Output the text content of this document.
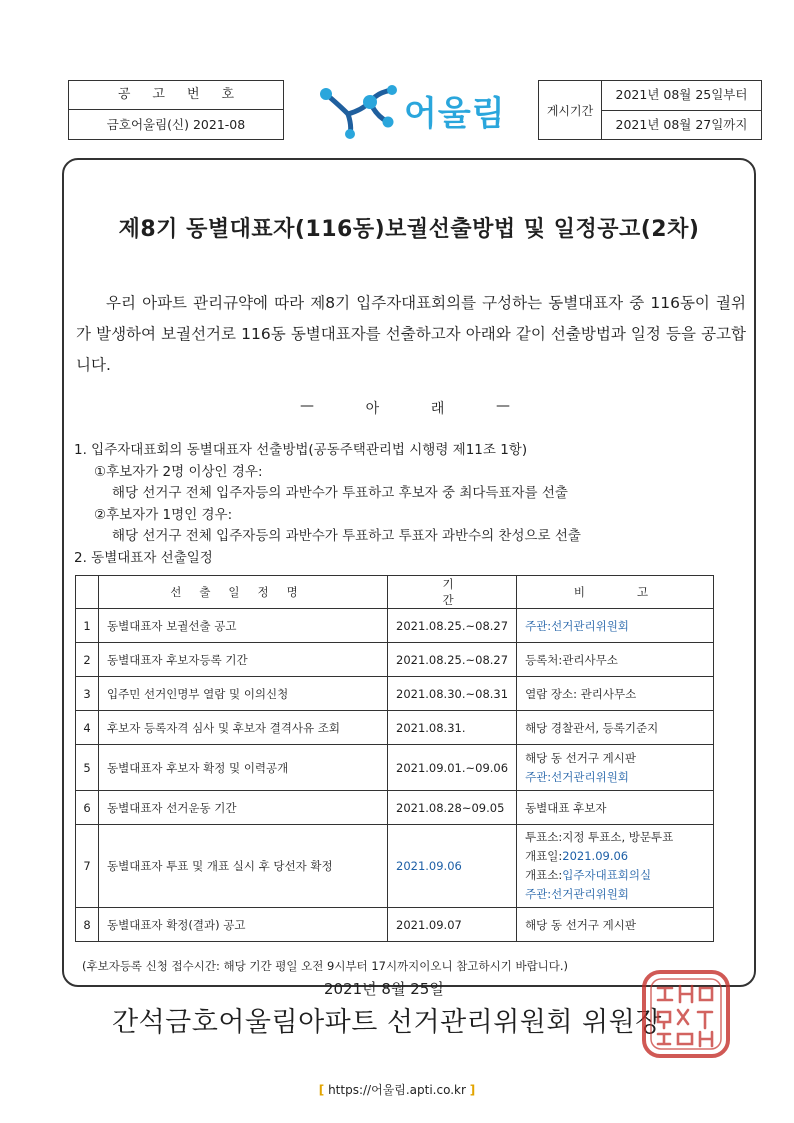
공고번호
금호어울림(신) 2021-08	어울림	게시기간
2021년 08월 25일부터
2021년 08월 27일까지
제8기 동별대표자(116동)보궐선출방법 및 일정공고(2차)

우리 아파트 관리규약에 따라 제8기 입주자대표회의를 구성하는 동별대표자 중 116동이 궐위가 발생하여 보궐선거로 116동 동별대표자를 선출하고자 아래와 같이 선출방법과 일정 등을 공고합니다.

—	아	래	—
1. 입주자대표회의 동별대표자 선출방법(공동주택관리법 시행령 제11조 1항)
①후보자가 2명 이상인 경우:
해당 선거구 전체 입주자등의 과반수가 투표하고 후보자 중 최다득표자를 선출
②후보자가 1명인 경우:
해당 선거구 전체 입주자등의 과반수가 투표하고 투표자 과반수의 찬성으로 선출
2. 동별대표자 선출일정
	선출일정명	기간	비고
1	동별대표자 보궐선출 공고	2021.08.25.~08.27	주관:선거관리위원회

2	동별대표자 후보자등록 기간	2021.08.25.~08.27	등록처:관리사무소

3	입주민 선거인명부 열람 및 이의신청	2021.08.30.~08.31	열람 장소: 관리사무소

4	후보자 등록자격 심사 및 후보자 결격사유 조회	2021.08.31.	해당 경찰관서, 등록기준지

5	동별대표자 후보자 확정 및 이력공개	2021.09.01.~09.06	해당 동 선거구 게시판
주관:선거관리위원회

6	동별대표자 선거운동 기간	2021.08.28~09.05	동별대표 후보자

7	동별대표자 투표 및 개표 실시 후 당선자 확정	2021.09.06	투표소:지정 투표소, 방문투표
개표일:2021.09.06
개표소:입주자대표회의실
주관:선거관리위원회

8	동별대표자 확정(결과) 공고	2021.09.07	해당 동 선거구 게시판
(후보자등록 신청 접수시간: 해당 기간 평일 오전 9시부터 17시까지이오니 참고하시기 바랍니다.)
2021년 8월 25일
간석금호어울림아파트 선거관리위원회 위원장
[ https://어울림.apti.co.kr ]
